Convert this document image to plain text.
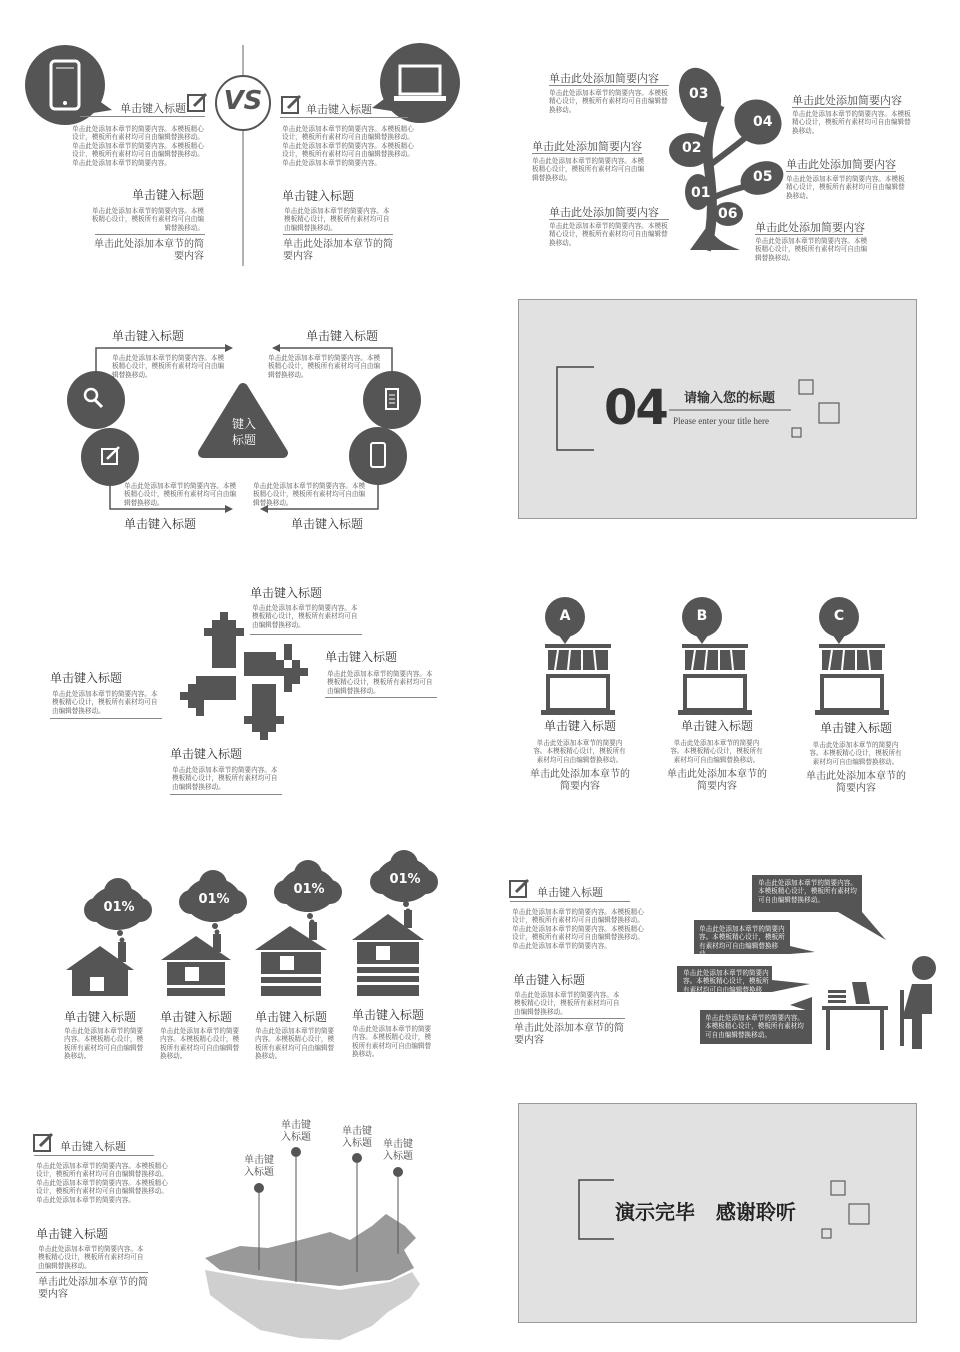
VS
单击键入标题
单击此处添加本章节的简要内容。本模板精心设计，模板所有素材均可自由编辑替换移动。单击此处添加本章节的简要内容。本模板精心设计，模板所有素材均可自由编辑替换移动。单击此处添加本章节的简要内容。
单击键入标题
单击此处添加本章节的简要内容。本模板精心设计，模板所有素材均可自由编辑替换移动。
单击此处添加本章节的简要内容
单击键入标题
单击此处添加本章节的简要内容。本模板精心设计，模板所有素材均可自由编辑替换移动。单击此处添加本章节的简要内容。本模板精心设计，模板所有素材均可自由编辑替换移动。单击此处添加本章节的简要内容。
单击键入标题
单击此处添加本章节的简要内容。本模板精心设计，模板所有素材均可自由编辑替换移动。
单击此处添加本章节的简要内容
03
04
02
05
01
06
单击此处添加简要内容
单击此处添加本章节的简要内容。本模板精心设计，模板所有素材均可自由编辑替换移动。
单击此处添加简要内容
单击此处添加本章节的简要内容。本模板精心设计，模板所有素材均可自由编辑替换移动。
单击此处添加简要内容
单击此处添加本章节的简要内容。本模板精心设计，模板所有素材均可自由编辑替换移动。
单击此处添加简要内容
单击此处添加本章节的简要内容。本模板精心设计，模板所有素材均可自由编辑替换移动。
单击此处添加简要内容
单击此处添加本章节的简要内容。本模板精心设计，模板所有素材均可自由编辑替换移动。
单击此处添加简要内容
单击此处添加本章节的简要内容。本模板精心设计，模板所有素材均可自由编辑替换移动。
键入
标题
单击键入标题
单击此处添加本章节的简要内容。本模板精心设计，模板所有素材均可自由编辑替换移动。
单击键入标题
单击此处添加本章节的简要内容。本模板精心设计，模板所有素材均可自由编辑替换移动。
单击此处添加本章节的简要内容。本模板精心设计，模板所有素材均可自由编辑替换移动。
单击键入标题
单击此处添加本章节的简要内容。本模板精心设计，模板所有素材均可自由编辑替换移动。
单击键入标题
04 请输入您的标题
Please enter your title here
单击键入标题
单击此处添加本章节的简要内容。本模板精心设计，模板所有素材均可自由编辑替换移动。
单击键入标题
单击此处添加本章节的简要内容。本模板精心设计，模板所有素材均可自由编辑替换移动。
单击键入标题
单击此处添加本章节的简要内容。本模板精心设计，模板所有素材均可自由编辑替换移动。
单击键入标题
单击此处添加本章节的简要内容。本模板精心设计，模板所有素材均可自由编辑替换移动。
A	B	C
单击键入标题
单击此处添加本章节的简要内容。本模板精心设计，模板所有素材均可自由编辑替换移动。
单击此处添加本章节的简要内容
单击键入标题
单击此处添加本章节的简要内容。本模板精心设计，模板所有素材均可自由编辑替换移动。
单击此处添加本章节的简要内容
单击键入标题
单击此处添加本章节的简要内容。本模板精心设计，模板所有素材均可自由编辑替换移动。
单击此处添加本章节的简要内容
01%
01%
01%
01%
单击键入标题
单击此处添加本章节的简要内容。本模板精心设计，模板所有素材均可自由编辑替换移动。
单击键入标题
单击此处添加本章节的简要内容。本模板精心设计，模板所有素材均可自由编辑替换移动。
单击键入标题
单击此处添加本章节的简要内容。本模板精心设计，模板所有素材均可自由编辑替换移动。
单击键入标题
单击此处添加本章节的简要内容。本模板精心设计，模板所有素材均可自由编辑替换移动。
单击键入标题
单击此处添加本章节的简要内容。本模板精心设计，模板所有素材均可自由编辑替换移动。单击此处添加本章节的简要内容。本模板精心设计，模板所有素材均可自由编辑替换移动。单击此处添加本章节的简要内容。
单击键入标题
单击此处添加本章节的简要内容。本模板精心设计，模板所有素材均可自由编辑替换移动。
单击此处添加本章节的简要内容
单击此处添加本章节的简要内容。本模板精心设计，模板所有素材均可自由编辑替换移动。
单击此处添加本章节的简要内容。本模板精心设计，模板所有素材均可自由编辑替换移动。
单击此处添加本章节的简要内容。本模板精心设计，模板所有素材均可自由编辑替换移动。
单击此处添加本章节的简要内容。本模板精心设计，模板所有素材均可自由编辑替换移动。
单击键
入标题
单击键
入标题
单击键
入标题	单击键
入标题
单击键入标题
单击此处添加本章节的简要内容。本模板精心设计，模板所有素材均可自由编辑替换移动。单击此处添加本章节的简要内容。本模板精心设计，模板所有素材均可自由编辑替换移动。单击此处添加本章节的简要内容。
单击键入标题
单击此处添加本章节的简要内容。本模板精心设计，模板所有素材均可自由编辑替换移动。
单击此处添加本章节的简要内容
演示完毕   感谢聆听
